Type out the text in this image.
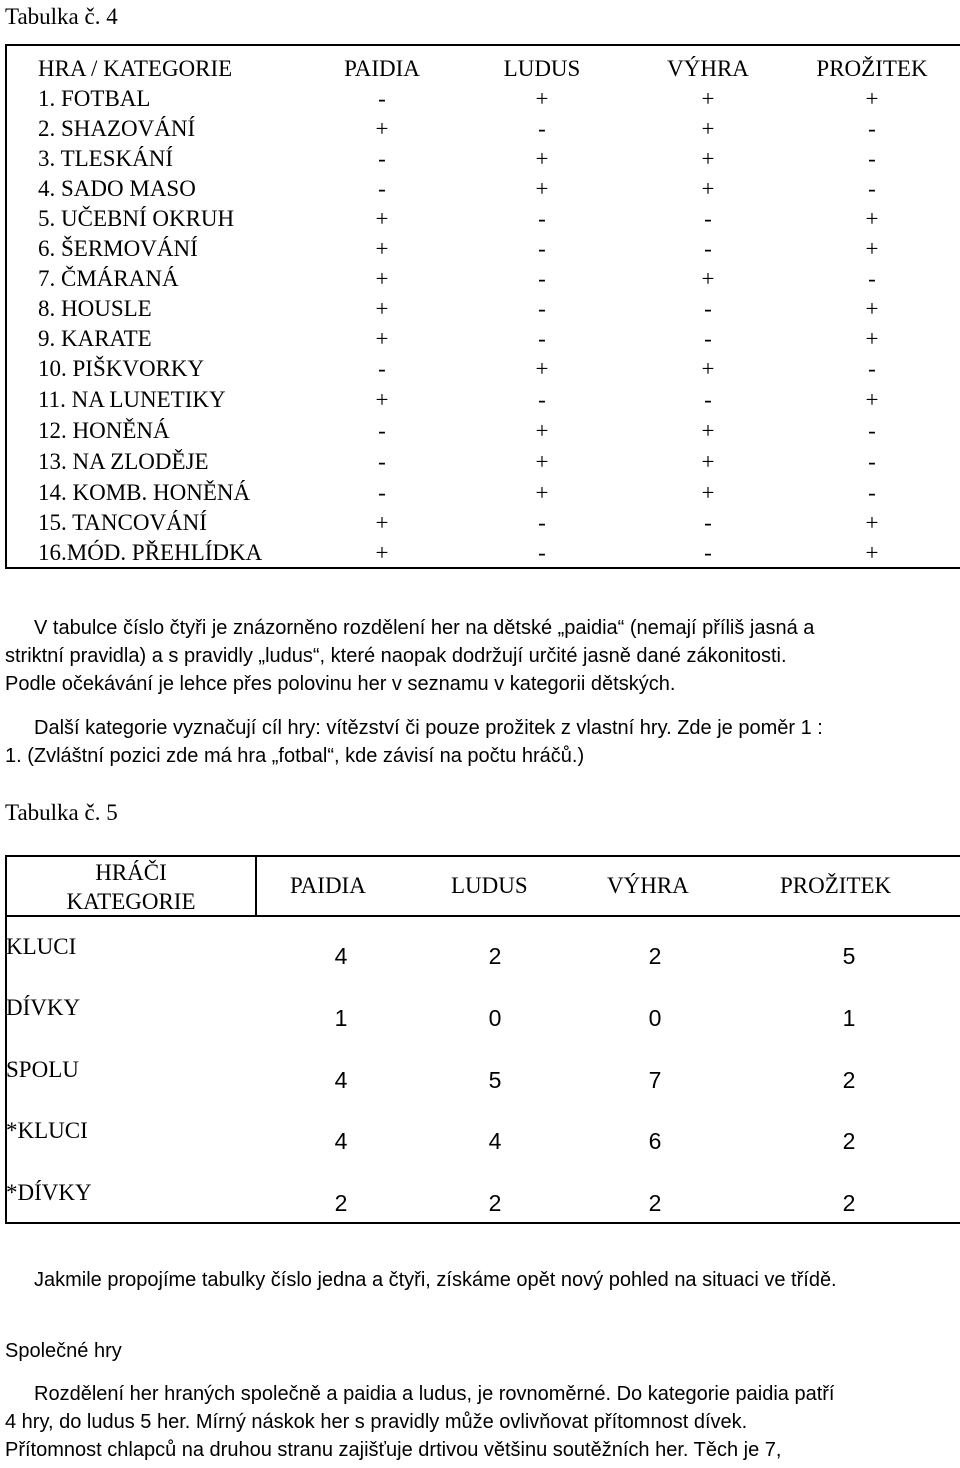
Tabulka č. 4
HRA / KATEGORIE	PAIDIA	LUDUS	VÝHRA	PROŽITEK
1. FOTBAL	-	+	+	+
2. SHAZOVÁNÍ	+	-	+	-
3. TLESKÁNÍ	-	+	+	-
4. SADO MASO	-	+	+	-
5. UČEBNÍ OKRUH	+	-	-	+
6. ŠERMOVÁNÍ	+	-	-	+
7. ČMÁRANÁ	+	-	+	-
8. HOUSLE	+	-	-	+
9. KARATE	+	-	-	+
10. PIŠKVORKY	-	+	+	-
11. NA LUNETIKY	+	-	-	+
12. HONĚNÁ	-	+	+	-
13. NA ZLODĚJE	-	+	+	-
14. KOMB. HONĚNÁ	-	+	+	-
15. TANCOVÁNÍ	+	-	-	+
16.MÓD. PŘEHLÍDKA	+	-	-	+
V tabulce číslo čtyři je znázorněno rozdělení her na dětské „paidia“ (nemají příliš jasná a
striktní pravidla) a s pravidly „ludus“, které naopak dodržují určité jasně dané zákonitosti.
Podle očekávání je lehce přes polovinu her v seznamu v kategorii dětských.
Další kategorie vyznačují cíl hry: vítězství či pouze prožitek z vlastní hry. Zde je poměr 1 :
1. (Zvláštní pozici zde má hra „fotbal“, kde závisí na počtu hráčů.)
Tabulka č. 5
HRÁČI
KATEGORIE
PAIDIA	LUDUS	VÝHRA	PROŽITEK
KLUCI	4	2	2	5
DÍVKY	1	0	0	1
SPOLU	4	5	7	2
*KLUCI	4	4	6	2
*DÍVKY	2	2	2	2
Jakmile propojíme tabulky číslo jedna a čtyři, získáme opět nový pohled na situaci ve třídě.
Společné hry
Rozdělení her hraných společně a paidia a ludus, je rovnoměrné. Do kategorie paidia patří
4 hry, do ludus 5 her. Mírný náskok her s pravidly může ovlivňovat přítomnost dívek.
Přítomnost chlapců na druhou stranu zajišťuje drtivou většinu soutěžních her. Těch je 7,
